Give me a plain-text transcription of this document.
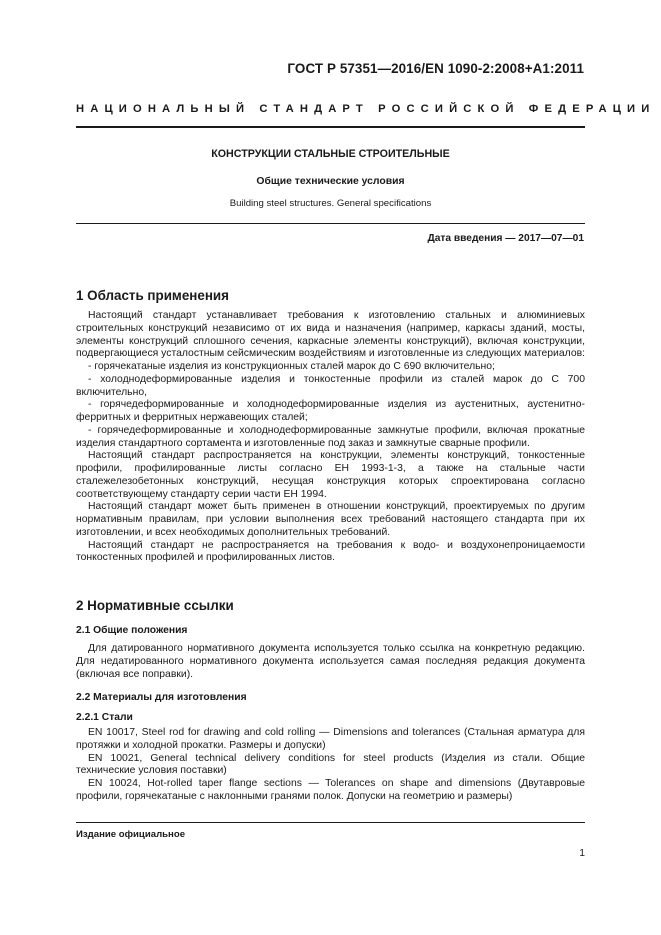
ГОСТ Р 57351—2016/EN 1090-2:2008+A1:2011
НАЦИОНАЛЬНЫЙ СТАНДАРТ РОССИЙСКОЙ ФЕДЕРАЦИИ
КОНСТРУКЦИИ СТАЛЬНЫЕ СТРОИТЕЛЬНЫЕ
Общие технические условия
Building steel structures. General specifications
Дата введения — 2017—07—01
1 Область применения

Настоящий стандарт устанавливает требования к изготовлению стальных и алюминиевых строительных конструкций независимо от их вида и назначения (например, каркасы зданий, мосты, элементы конструкций сплошного сечения, каркасные элементы конструкций), включая конструкции, подвергающиеся усталостным сейсмическим воздействиям и изготовленные из следующих материалов:

- горячекатаные изделия из конструкционных сталей марок до С 690 включительно;

- холоднодеформированные изделия и тонкостенные профили из сталей марок до С 700 включительно,

- горячедеформированные и холоднодеформированные изделия из аустенитных, аустенитно-ферритных и ферритных нержавеющих сталей;

- горячедеформированные и холоднодеформированные замкнутые профили, включая прокатные изделия стандартного сортамента и изготовленные под заказ и замкнутые сварные профили.

Настоящий стандарт распространяется на конструкции, элементы конструкций, тонкостенные профили, профилированные листы согласно ЕН 1993-1-3, а также на стальные части сталежелезобетонных конструкций, несущая конструкция которых спроектирована согласно соответствующему стандарту серии части ЕН 1994.

Настоящий стандарт может быть применен в отношении конструкций, проектируемых по другим нормативным правилам, при условии выполнения всех требований настоящего стандарта при их изготовлении, и всех необходимых дополнительных требований.

Настоящий стандарт не распространяется на требования к водо- и воздухонепроницаемости тонкостенных профилей и профилированных листов.

2 Нормативные ссылки
2.1 Общие положения

Для датированного нормативного документа используется только ссылка на конкретную редакцию. Для недатированного нормативного документа используется самая последняя редакция документа (включая все поправки).

2.2 Материалы для изготовления
2.2.1 Стали

EN 10017, Steel rod for drawing and cold rolling — Dimensions and tolerances (Стальная арматура для протяжки и холодной прокатки. Размеры и допуски)

EN 10021, General technical delivery conditions for steel products (Изделия из стали. Общие технические условия поставки)

EN 10024, Hot-rolled taper flange sections — Tolerances on shape and dimensions (Двутавровые профили, горячекатаные с наклонными гранями полок. Допуски на геометрию и размеры)

Издание официальное
1
